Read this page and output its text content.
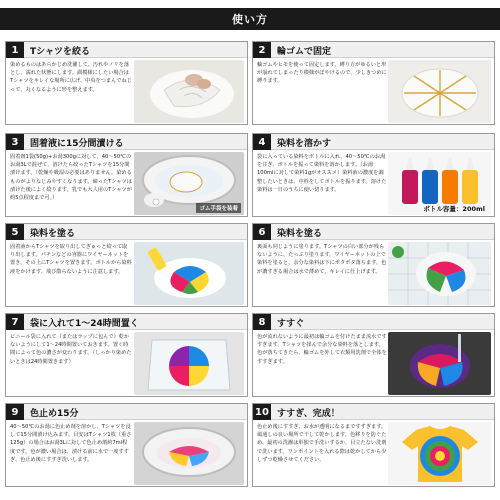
使い方
1	Tシャツを絞る
染めるものはあらかじめ洗濯して、汚れやノリを落とし、濡れた状態にします。渦模様にしたい場合はTシャツをキレイな場所に広げ、中央をつまんでねじって、丸くなるように形を整えます。
2	輪ゴムで固定
輪ゴムやヒモを使って固定します。縛り方がゆるいと形が崩れてしまったり模様がぼやけるので、少しきつめに縛ります。
3	固着液に15分間漬ける
固着剤1袋(50g)+お湯300gに対して、40〜50℃のお湯3Lで混ぜて、溶けたら絞ったTシャツを15分間漬けます。（乾燥や吸湿の必要はありません。染めるものがよりなじみやすくなります。締ったTシャツは漬けた後によく絞ります。乳でも大人用のTシャツが約5点程度まで可。）
ゴム手袋を装着
4	染料を溶かす
袋に入っている染料をボトルに入れ、40〜50℃のお湯を注ぎ、ボトルを振って染料を溶かします。（お湯100mlに対して染料1gがオススメ）染料液の濃度を調整したいときは、中栓をしてボトルを振ります。溶けた染料は一日のうちに使い切ります。
ボトル容量：200ml
5	染料を塗る
固着液からTシャツを取り出してぎゅっと絞って取り出します。パチンなどの容器にワイヤーネットを置き、その上にTシャツを置きます。ボトルから染料液をかけます。飛び散らないように注意します。
6	染料を塗る
裏面も同じように塗ります。Tシャツの白い部分が残らないように、たっぷり塗ります。ワイヤーネットの上で染料を塗ると、余分な染料は下にポタポタ落ちます。色が濃すぎる場合は水で薄めて、キレイに仕上げます。
7	袋に入れて1〜24時間置く
ビニール袋に入れて（またはラップに包んで）乾かないようにして1〜24時間置いておきます。置く時間によって色の濃さが変わります。（しっかり染めたいときは24時間置きます）
8	すすぐ
色が流れないように最初は輪ゴムを付けたまま流水ですすぎます。Tシャツを揉んで余分な染料を落とします。色が落ちてきたら、輪ゴムを外して衣類用洗剤で全体をすすぎます。
9	色止め15分
40〜50℃のお湯に色止め剤を溶かし、Tシャツを浸して15分間漬け込みます。目安はTシャツ1枚（重さ125g）の場合はお湯3Lに対して色止め剤約7ml程度です。色が濃い場合は、漬ける前に水で一度すすぎ、色止め後にすすぎ洗いします。
10 すすぎ、完成！
色止め後にすすぎ、お水が透明になるまですすぎます。風通しの良い場所で干して乾かします。色移りを防ぐため、最初の洗濯は単独で手洗いするか、目立たない洗剤で洗います。ワンポイントを入れる際は乾かしてから少しずつ乾燥させてください。
